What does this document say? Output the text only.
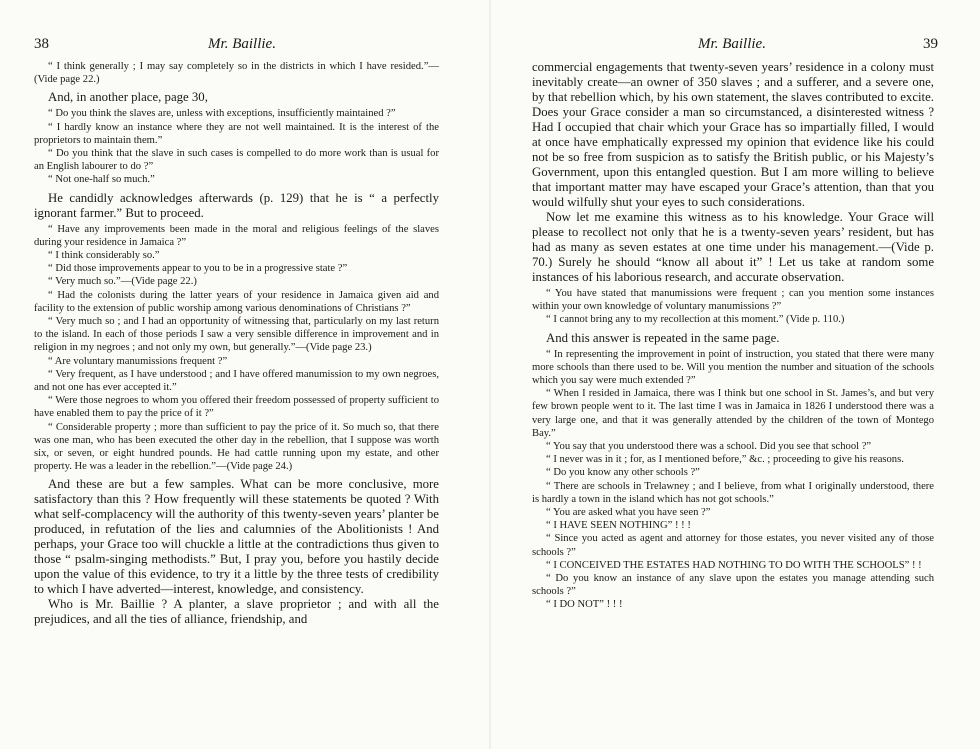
38	Mr. Baillie.

“ I think generally ; I may say completely so in the districts in which I have resided.”—(Vide page 22.)

And, in another place, page 30,

“ Do you think the slaves are, unless with exceptions, insufficiently maintained ?”

“ I hardly know an instance where they are not well maintained. It is the interest of the proprietors to maintain them.”

“ Do you think that the slave in such cases is compelled to do more work than is usual for an English labourer to do ?”

“ Not one-half so much.”

He candidly acknowledges afterwards (p. 129) that he is “ a perfectly ignorant farmer.” But to proceed.

“ Have any improvements been made in the moral and religious feelings of the slaves during your residence in Jamaica ?”

“ I think considerably so.”

“ Did those improvements appear to you to be in a progressive state ?”

“ Very much so.”—(Vide page 22.)

“ Had the colonists during the latter years of your residence in Jamaica given aid and facility to the extension of public worship among various denominations of Christians ?”

“ Very much so ; and I had an opportunity of witnessing that, particularly on my last return to the island. In each of those periods I saw a very sensible difference in improvement and in religion in my negroes ; and not only my own, but generally.”—(Vide page 23.)

“ Are voluntary manumissions frequent ?”

“ Very frequent, as I have understood ; and I have offered manumission to my own negroes, and not one has ever accepted it.”

“ Were those negroes to whom you offered their freedom possessed of property sufficient to have enabled them to pay the price of it ?”

“ Considerable property ; more than sufficient to pay the price of it. So much so, that there was one man, who has been executed the other day in the rebellion, that I suppose was worth six, or seven, or eight hundred pounds. He had cattle running upon my estate, and other property. He was a leader in the rebellion.”—(Vide page 24.)

And these are but a few samples. What can be more conclusive, more satisfactory than this ? How frequently will these statements be quoted ? With what self-complacency will the authority of this twenty-seven years’ planter be produced, in refutation of the lies and calumnies of the Abolitionists ! And perhaps, your Grace too will chuckle a little at the contradictions thus given to those “ psalm-singing methodists.” But, I pray you, before you hastily decide upon the value of this evidence, to try it a little by the three tests of credibility to which I have adverted—interest, knowledge, and consistency.

Who is Mr. Baillie ? A planter, a slave proprietor ; and with all the prejudices, and all the ties of alliance, friendship, and

Mr. Baillie.	39

commercial engagements that twenty-seven years’ residence in a colony must inevitably create—an owner of 350 slaves ; and a sufferer, and a severe one, by that rebellion which, by his own statement, the slaves contributed to excite. Does your Grace consider a man so circumstanced, a disinterested witness ? Had I occupied that chair which your Grace has so impartially filled, I would at once have emphatically expressed my opinion that evidence like his could not be so free from suspicion as to satisfy the British public, or his Majesty’s Government, upon this entangled question. But I am more willing to believe that important matter may have escaped your Grace’s attention, than that you would wilfully shut your eyes to such considerations.

Now let me examine this witness as to his knowledge. Your Grace will please to recollect not only that he is a twenty-seven years’ resident, but has had as many as seven estates at one time under his management.—(Vide p. 70.) Surely he should “know all about it” ! Let us take at random some instances of his laborious research, and accurate observation.

“ You have stated that manumissions were frequent ; can you mention some instances within your own knowledge of voluntary manumissions ?”

“ I cannot bring any to my recollection at this moment.” (Vide p. 110.)

And this answer is repeated in the same page.

“ In representing the improvement in point of instruction, you stated that there were many more schools than there used to be. Will you mention the number and situation of the schools which you say were much extended ?”

“ When I resided in Jamaica, there was I think but one school in St. James’s, and but very few brown people went to it. The last time I was in Jamaica in 1826 I understood there was a very large one, and that it was generally attended by the children of the town of Montego Bay.”

“ You say that you understood there was a school. Did you see that school ?”

“ I never was in it ; for, as I mentioned before,” &c. ; proceeding to give his reasons.

“ Do you know any other schools ?”

“ There are schools in Trelawney ; and I believe, from what I originally understood, there is hardly a town in the island which has not got schools.”

“ You are asked what you have seen ?”

“ I HAVE SEEN NOTHING” ! ! !

“ Since you acted as agent and attorney for those estates, you never visited any of those schools ?”

“ I CONCEIVED THE ESTATES HAD NOTHING TO DO WITH THE SCHOOLS” ! !

“ Do you know an instance of any slave upon the estates you manage attending such schools ?”

“ I DO NOT” ! ! !
